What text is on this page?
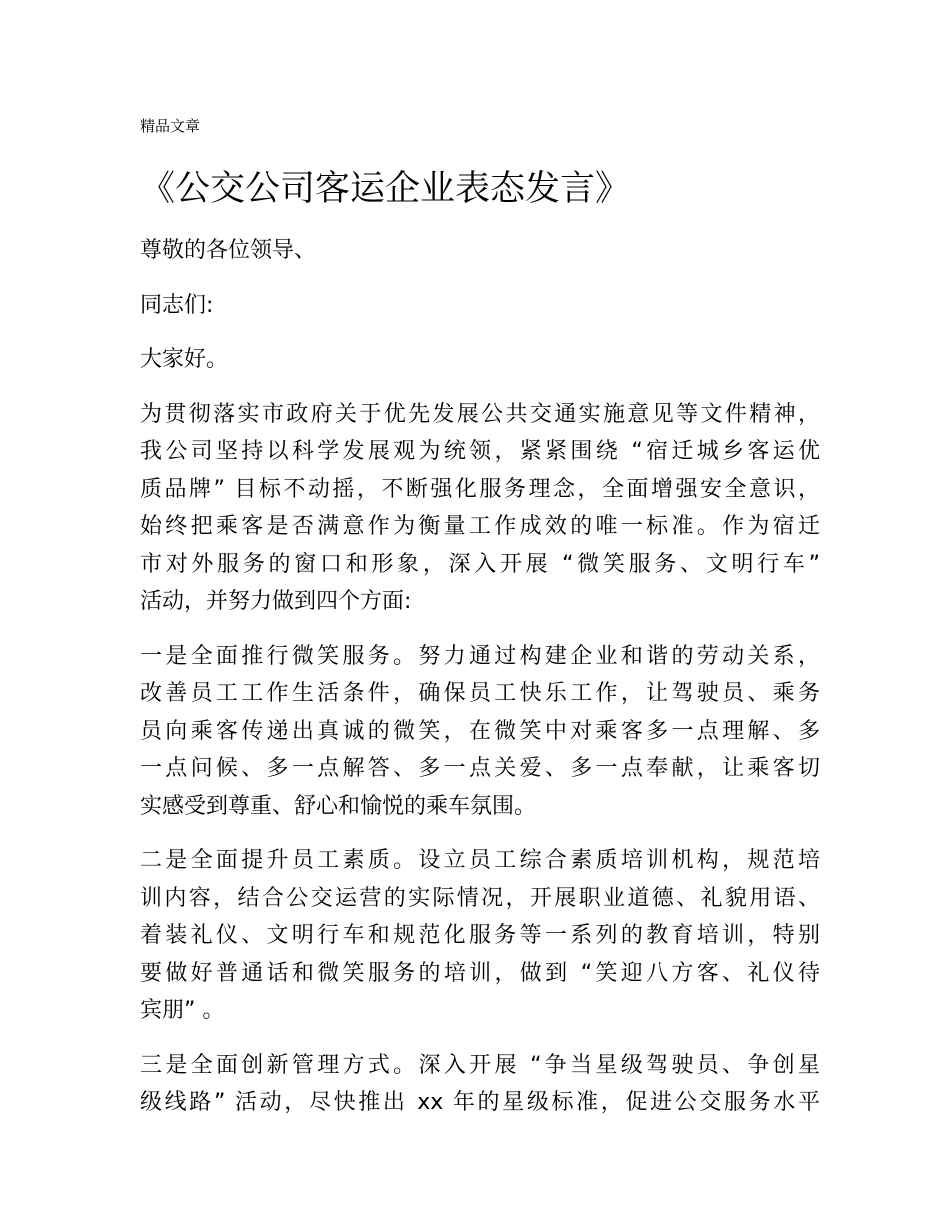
精品文章
《公交公司客运企业表态发言》

尊敬的各位领导、

同志们:

大家好。

为贯彻落实市政府关于优先发展公共交通实施意见等文件精神，
我公司坚持以科学发展观为统领，紧紧围绕 “宿迁城乡客运优
质品牌” 目标不动摇，不断强化服务理念，全面增强安全意识，
始终把乘客是否满意作为衡量工作成效的唯一标准。作为宿迁
市对外服务的窗口和形象，深入开展 “微笑服务、文明行车”
活动，并努力做到四个方面:

一是全面推行微笑服务。努力通过构建企业和谐的劳动关系，
改善员工工作生活条件，确保员工快乐工作，让驾驶员、乘务
员向乘客传递出真诚的微笑，在微笑中对乘客多一点理解、多
一点问候、多一点解答、多一点关爱、多一点奉献，让乘客切
实感受到尊重、舒心和愉悦的乘车氛围。

二是全面提升员工素质。设立员工综合素质培训机构，规范培
训内容，结合公交运营的实际情况，开展职业道德、礼貌用语、
着装礼仪、文明行车和规范化服务等一系列的教育培训，特别
要做好普通话和微笑服务的培训，做到 “笑迎八方客、礼仪待
宾朋” 。

三是全面创新管理方式。深入开展 “争当星级驾驶员、争创星
级线路” 活动，尽快推出 xx 年的星级标准，促进公交服务水平
